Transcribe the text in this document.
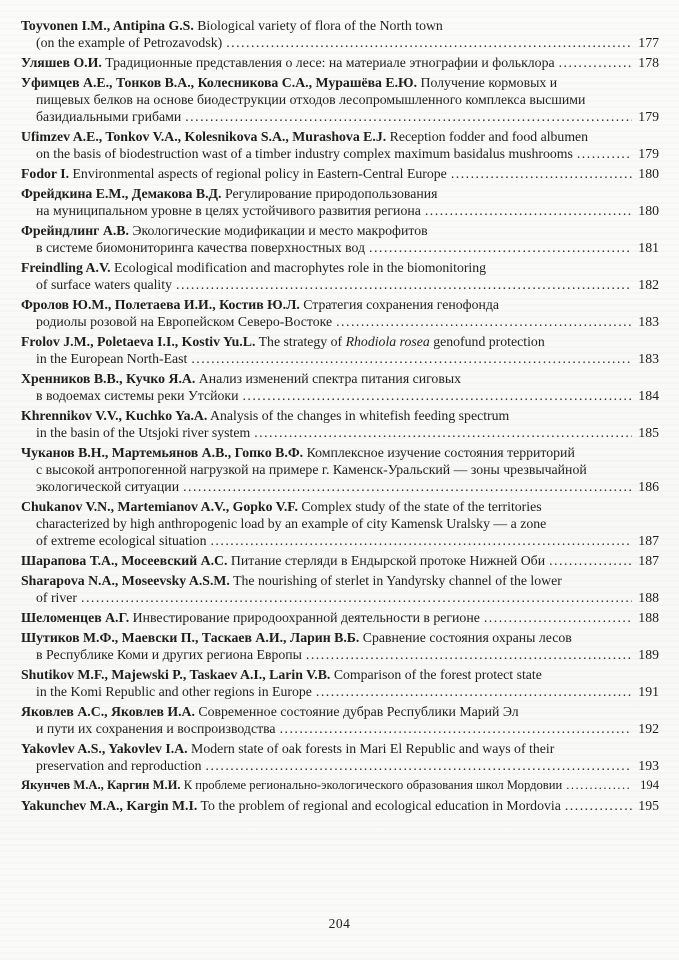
Toyvonen I.M., Antipina G.S. Biological variety of flora of the North town
(on the example of Petrozavodsk) .....	177
Уляшев О.И. Традиционные представления о лесе: на материале этнографии и фольклора .....	178
Уфимцев А.Е., Тонков В.А., Колесникова С.А., Мурашёва Е.Ю. Получение кормовых и
пищевых белков на основе биодеструкции отходов лесопромышленного комплекса высшими
базидиальными грибами .....	179
Ufimzev A.E., Tonkov V.A., Kolesnikova S.A., Murashova E.J. Reception fodder and food albumen
on the basis of biodestruction wast of a timber industry complex maximum basidalus mushrooms .....	179
Fodor I. Environmental aspects of regional policy in Eastern-Central Europe .....	180
Фрейдкина Е.М., Демакова В.Д. Регулирование природопользования
на муниципальном уровне в целях устойчивого развития региона .....	180
Фрейндлинг А.В. Экологические модификации и место макрофитов
в системе биомониторинга качества поверхностных вод .....	181
Freindling A.V. Ecological modification and macrophytes role in the biomonitoring
of surface waters quality .....	182
Фролов Ю.М., Полетаева И.И., Костив Ю.Л. Стратегия сохранения генофонда
родиолы розовой на Европейском Северо-Востоке .....	183
Frolov J.M., Poletaeva I.I., Kostiv Yu.L. The strategy of Rhodiola rosea genofund protection
in the European North-East .....	183
Хренников В.В., Кучко Я.А. Анализ изменений спектра питания сиговых
в водоемах системы реки Утсйоки .....	184
Khrennikov V.V., Kuchko Ya.A. Analysis of the changes in whitefish feeding spectrum
in the basin of the Utsjoki river system .....	185
Чуканов В.Н., Мартемьянов А.В., Гопко В.Ф. Комплексное изучение состояния территорий
с высокой антропогенной нагрузкой на примере г. Каменск-Уральский — зоны чрезвычайной
экологической ситуации .....	186
Chukanov V.N., Martemianov A.V., Gopko V.F. Complex study of the state of the territories
characterized by high anthropogenic load by an example of city Kamensk Uralsky — a zone
of extreme ecological situation .....	187
Шарапова Т.А., Мосеевский А.С. Питание стерляди в Ендырской протоке Нижней Оби .....	187
Sharapova N.A., Moseevsky A.S.M. The nourishing of sterlet in Yandyrsky channel of the lower
of river .....	188
Шеломенцев А.Г. Инвестирование природоохранной деятельности в регионе .....	188
Шутиков М.Ф., Маевски П., Таскаев А.И., Ларин В.Б. Сравнение состояния охраны лесов
в Республике Коми и других региона Европы .....	189
Shutikov M.F., Majewski P., Taskaev A.I., Larin V.B. Comparison of the forest protect state
in the Komi Republic and other regions in Europe .....	191
Яковлев А.С., Яковлев И.А. Современное состояние дубрав Республики Марий Эл
и пути их сохранения и воспроизводства .....	192
Yakovlev A.S., Yakovlev I.A. Modern state of oak forests in Mari El Republic and ways of their
preservation and reproduction .....	193
Якунчев М.А., Каргин М.И. К проблеме регионально-экологического образования школ Мордовии .....	194
Yakunchev M.A., Kargin M.I. To the problem of regional and ecological education in Mordovia .....	195
204
